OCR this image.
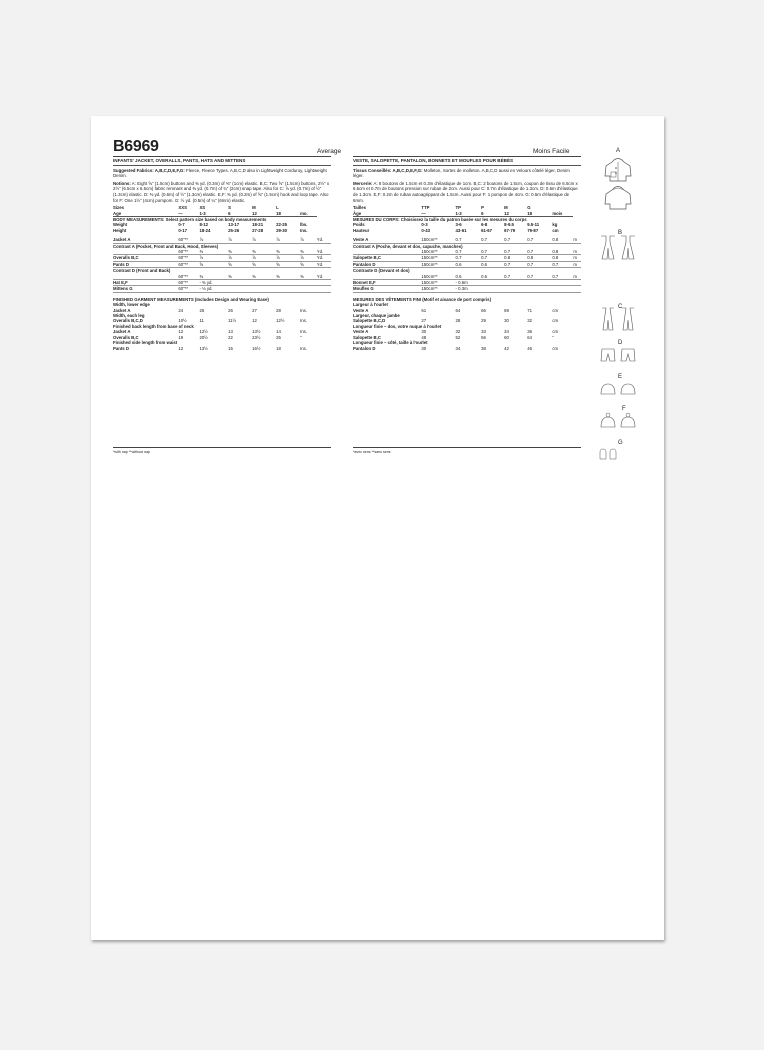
B6969	Average	Moins Facile
INFANTS' JACKET, OVERALLS, PANTS, HATS AND MITTENS

Suggested Fabrics: A,B,C,D,E,F,G: Fleece, Fleece Types. A,B,C,D also in Lightweight Corduroy, Lightweight Denim.

Notions: A: Eight ⅝" (1.5cm) buttons and ⅜ yd. (0.3m) of ⅜" (1cm) elastic. B,C: Two ⅝" (1.5cm) buttons, 2½" x 2½" (6.5cm x 6.5cm) fabric remnant and ⅜ yd. (0.7m) of ¾" (2cm) snap tape. Also for C: ⅞ yd. (0.7m) of ½" (1.3cm) elastic. D: ⅜ yd. (0.6m) of ½" (1.3cm) elastic. E,F: ⅜ yd. (0.2m) of ⅝" (1.5cm) hook and loop tape. Also for F: One 1½" (4cm) pompom. G: ½ yd. (0.5m) of ¼" (6mm) elastic.

Sizes	XXS	XS	S	M	L		
Age	—	1-3	6	12	18	mo.	
BODY MEASUREMENTS: Select pattern size based on body measurements							
Weight	0-7	8-12	13-17	18-21	22-25	lbs.	
Height	0-17	18-24	25-26	27-28	29-30	Ins.	
Jacket A	60"**	⅞	⅞	⅞	⅞	⅞	Yd.
Contrast A (Pocket, Front and Back, Hood, Sleeves)							
	60"**	⅜	⅜	⅜	⅜	⅜	Yd.
Overalls B,C	60"**	⅞	⅞	⅞	⅞	⅞	Yd.
Pants D	60"**	⅝	⅝	⅝	⅝	⅝	Yd.
Contrast D (Front and Back)							
	60"**	⅜	⅜	⅜	⅜	⅜	Yd.
Hat E,F	60"**	- ⅜ yd.					
Mittens G	60"**	- ⅛ yd.					
FINISHED GARMENT MEASUREMENTS (Includes Design and Wearing Ease)							
Width, lower edge							
Jacket A	24	25	26	27	28	Ins.	
Width, each leg							
Overalls B,C,D	10½	11	11½	12	12½	Ins.	
Finished back length from base of neck							
Jacket A	12	12½	13	13½	14	Ins.	
Overalls B,C	19	20½	22	23½	25	"	
Finished side length from waist							
Pants D	12	13½	15	16½	18	Ins.	
VESTE, SALOPETTE, PANTALON, BONNETS ET MOUFLES POUR BÉBÉS

Tissus Conseillés: A,B,C,D,E,F,G: Molleton, Sortes de molleton. A,B,C,D aussi en Velours côtelé léger, Denim léger.

Mercerie: A: 8 boutons de 1.5cm et 0.3m d'élastique de 1cm. B,C: 2 boutons de 1.5cm, coupon de tissu de 6.5cm x 6.5cm et 0.7m de boutons pression sur ruban de 2cm. Aussi pour C: 0.7m d'élastique de 1.3cm. D: 0.6m d'élastique de 1.3cm. E,F: 0.2m de ruban autoagrippant de 1.5cm. Aussi pour F: 1 pompon de 4cm. G: 0.5m d'élastique de 6mm.

Tailles	TTP	TP	P	M	G		
Âge	—	1-3	6	12	18	mois	
MESURES DU CORPS: Choisissez la taille du patron basée sur les mesures du corps							
Poids	0-3	3-6	6-8	8-9.5	9.5-11	kg	
Hauteur	0-43	43-61	61-67	67-79	79-87	cm	
Veste A	150cm**	0.7	0.7	0.7	0.7	0.8	m
Contrast A (Poche, devant et dos, capuche, manches)							
	150cm**	0.7	0.7	0.7	0.7	0.8	m
Salopette B,C	150cm**	0.7	0.7	0.8	0.8	0.8	m
Pantalon D	150cm**	0.6	0.6	0.7	0.7	0.7	m
Contraste D (Devant et dos)							
	150cm**	0.6	0.6	0.7	0.7	0.7	m
Bonnet E,F	150cm**	- 0.6m					
Moufles G	150cm**	- 0.3m					
MESURES DES VÊTEMENTS FINI (Motif et aisance de port compris)							
Largeur à l'ourlet							
Veste A	61	64	66	69	71	cm	
Largeur, chaque jambe							
Salopette B,C,D	27	28	29	30	32	cm	
Longueur finie – dos, votre nuque à l'ourlet							
Veste A	30	32	33	34	36	cm	
Salopette B,C	48	52	56	60	64	"	
Longueur finie – côté, taille à l'ourlet							
Pantalon D	30	34	38	42	46	cm	
*with nap **without nap	*avec sens **sans sens
A
B
C
D
E
F
G
